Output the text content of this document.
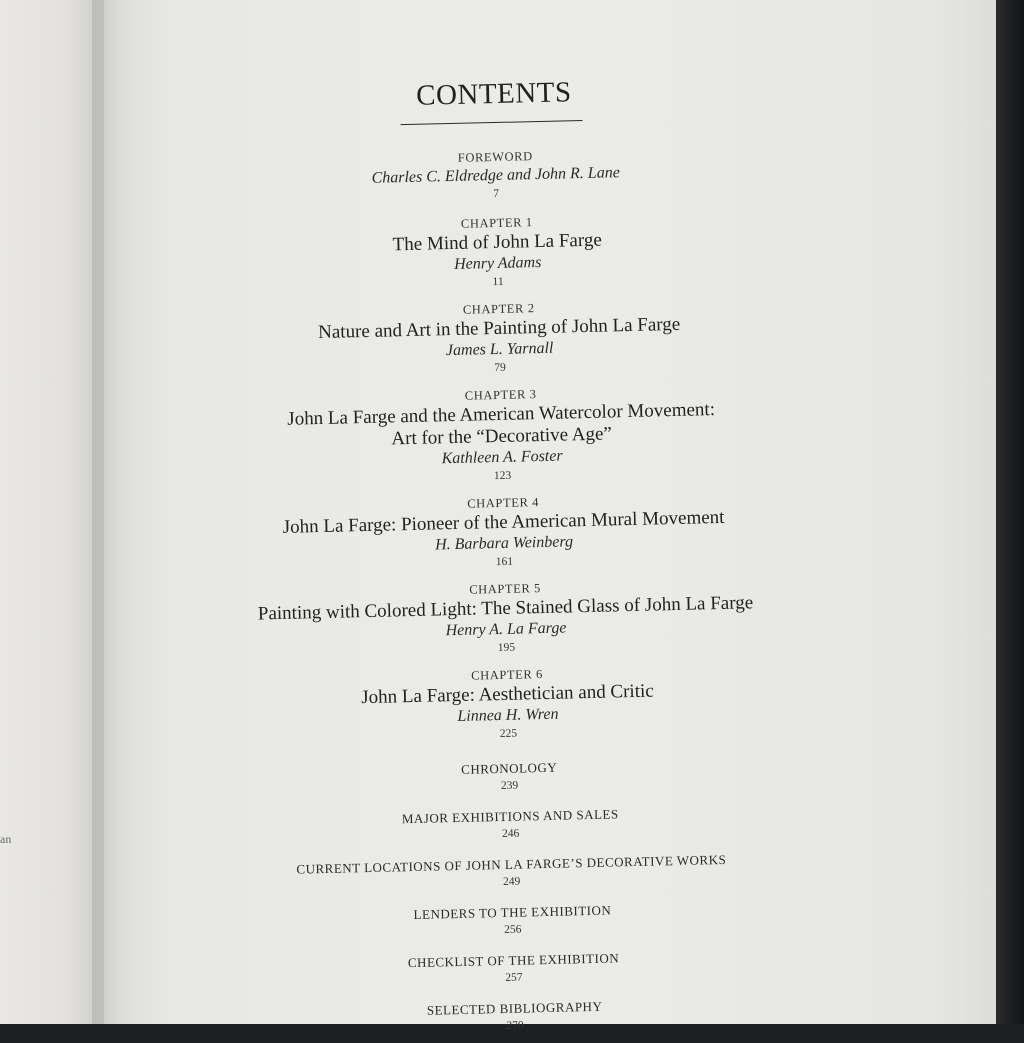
an
CONTENTS
FOREWORD
Charles C. Eldredge and John R. Lane
7
CHAPTER 1
The Mind of John La Farge
Henry Adams
11
CHAPTER 2
Nature and Art in the Painting of John La Farge
James L. Yarnall
79
CHAPTER 3
John La Farge and the American Watercolor Movement:
Art for the “Decorative Age”
Kathleen A. Foster
123
CHAPTER 4
John La Farge: Pioneer of the American Mural Movement
H. Barbara Weinberg
161
CHAPTER 5
Painting with Colored Light: The Stained Glass of John La Farge
Henry A. La Farge
195
CHAPTER 6
John La Farge: Aesthetician and Critic
Linnea H. Wren
225
CHRONOLOGY
239
MAJOR EXHIBITIONS AND SALES
246
CURRENT LOCATIONS OF JOHN LA FARGE’S DECORATIVE WORKS
249
LENDERS TO THE EXHIBITION
256
CHECKLIST OF THE EXHIBITION
257
SELECTED BIBLIOGRAPHY
270
